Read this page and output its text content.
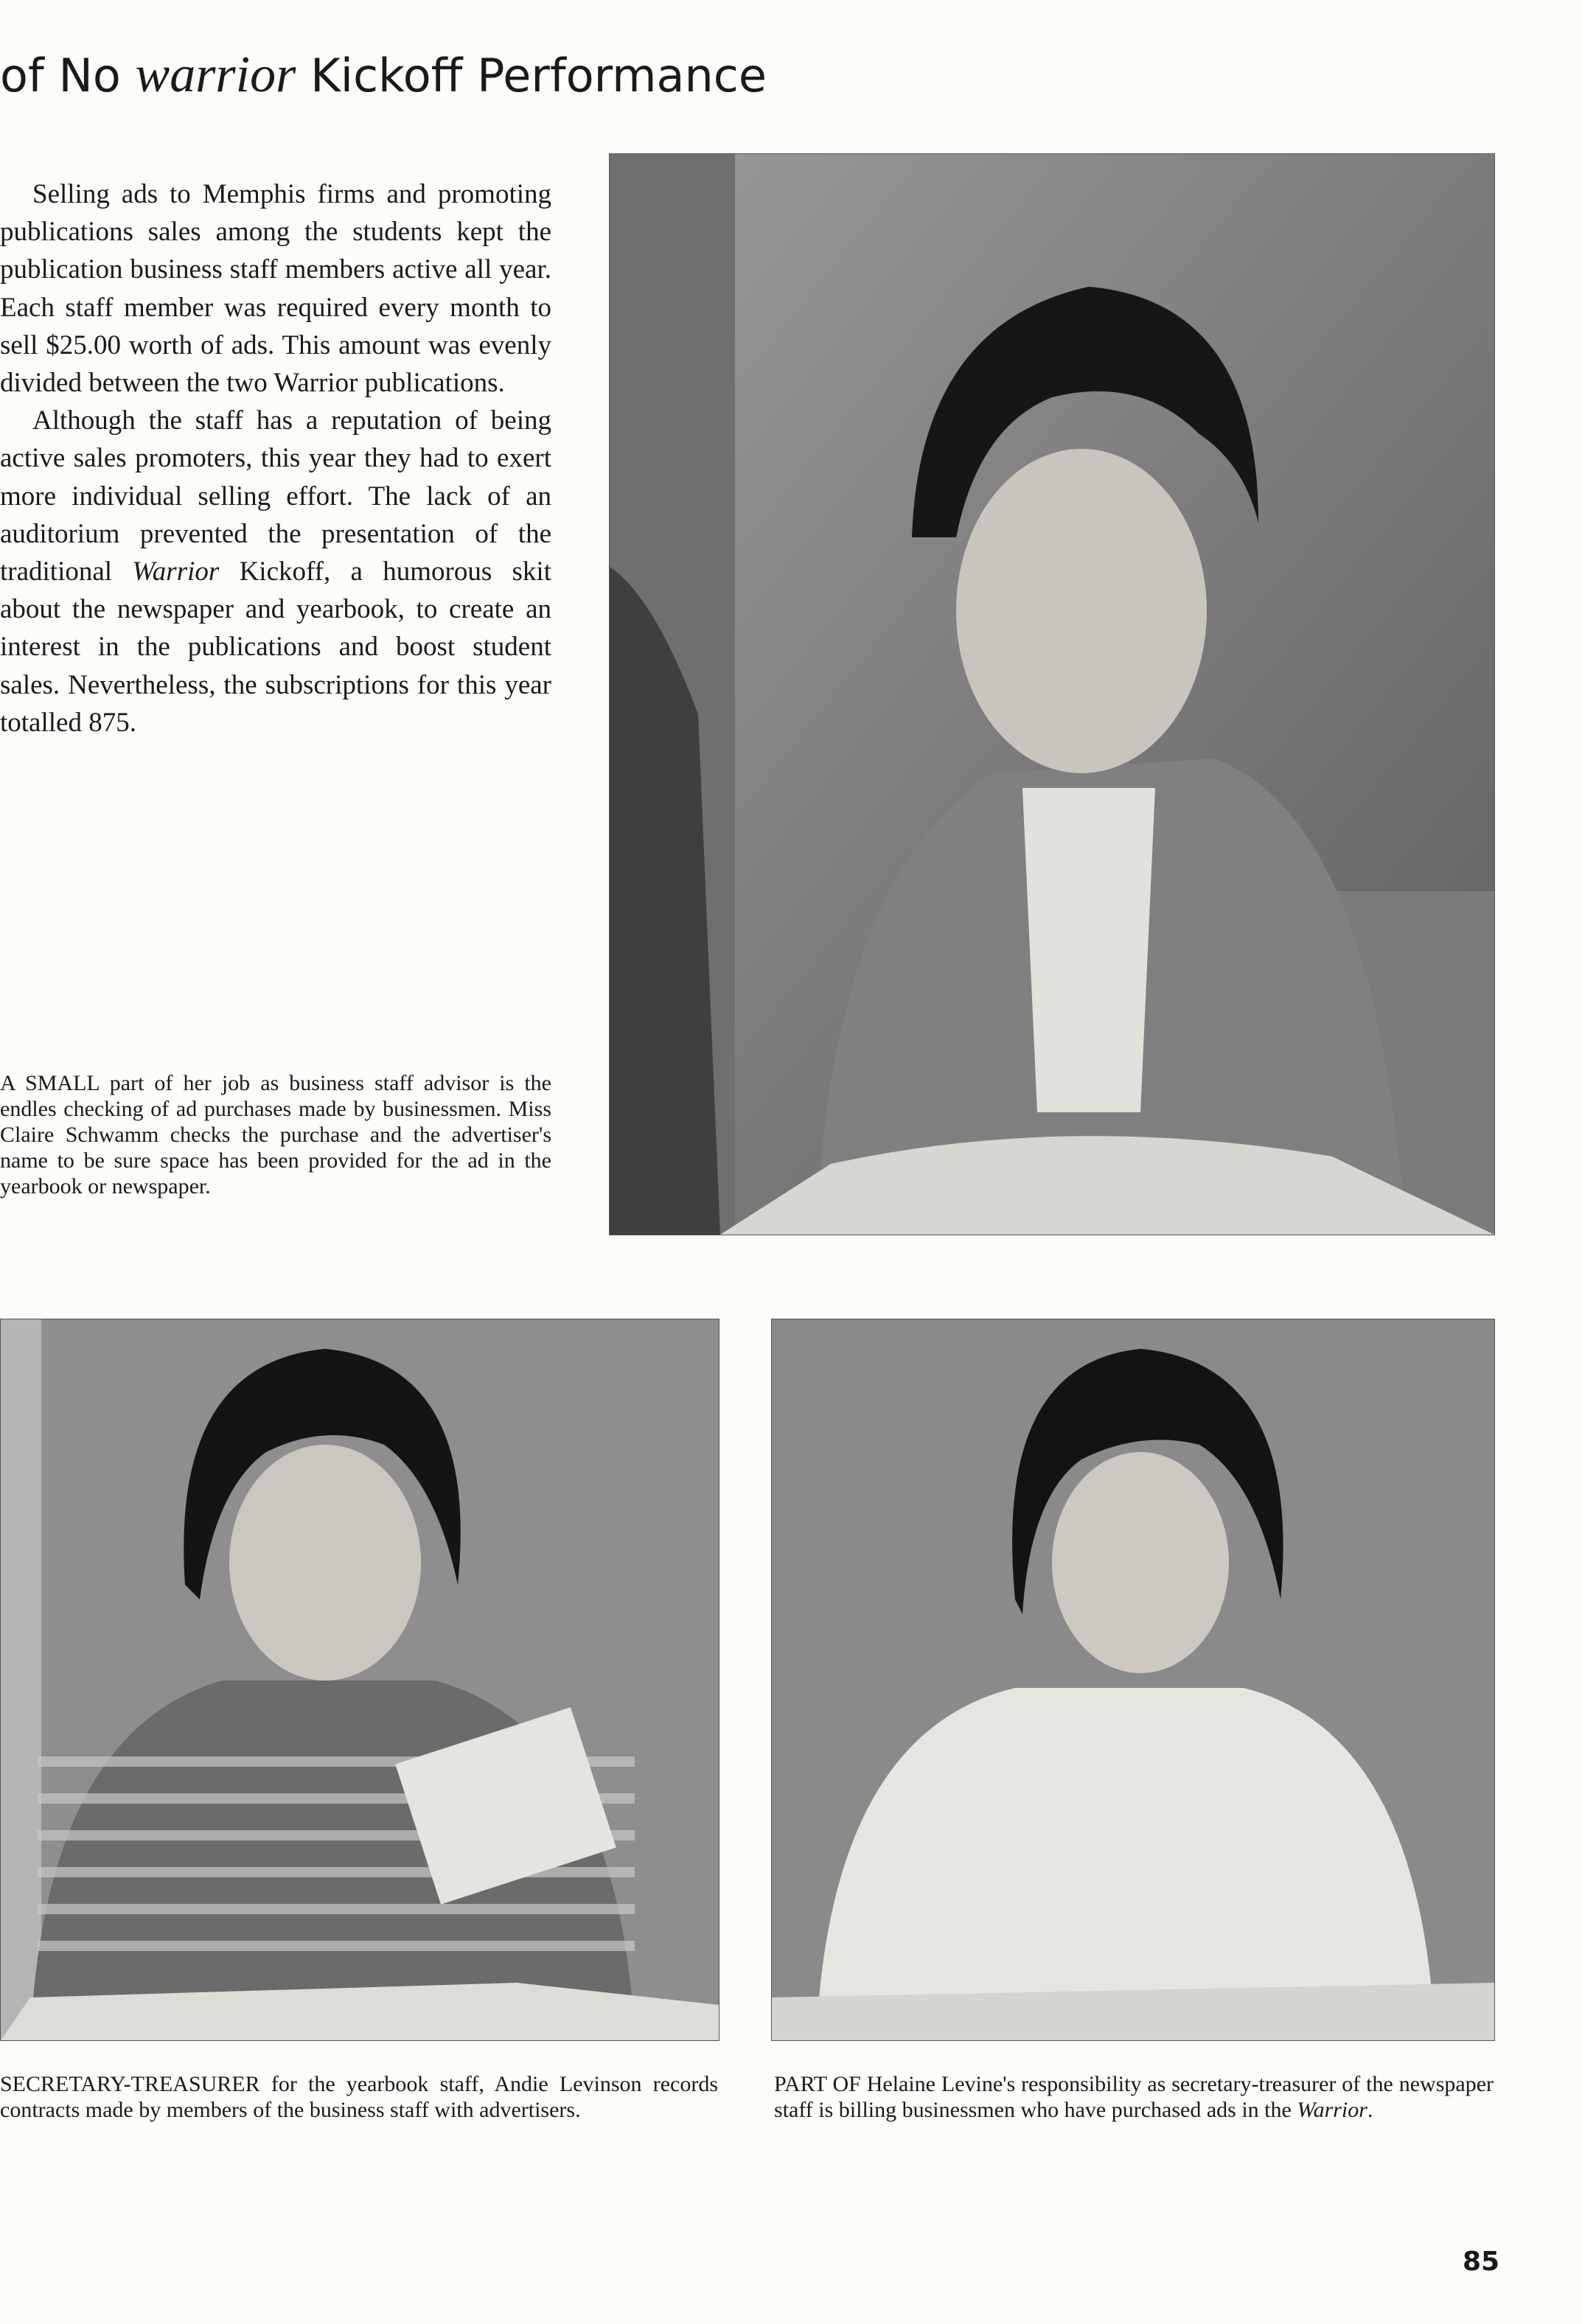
of No warrior Kickoff Performance

Selling ads to Memphis firms and promoting publications sales among the students kept the publication business staff members active all year. Each staff member was required every month to sell $25.00 worth of ads. This amount was evenly divided between the two Warrior publications.

Although the staff has a reputation of being active sales promoters, this year they had to exert more individual selling effort. The lack of an auditorium prevented the presentation of the traditional Warrior Kickoff, a humorous skit about the newspaper and yearbook, to create an interest in the publications and boost student sales. Nevertheless, the subscriptions for this year totalled 875.

A SMALL part of her job as business staff advisor is the endles checking of ad purchases made by businessmen. Miss Claire Schwamm checks the purchase and the advertiser's name to be sure space has been provided for the ad in the yearbook or newspaper.

SECRETARY-TREASURER for the yearbook staff, Andie Levinson records contracts made by members of the business staff with advertisers.

PART OF Helaine Levine's responsibility as secretary-treasurer of the newspaper staff is billing businessmen who have purchased ads in the Warrior.

85
